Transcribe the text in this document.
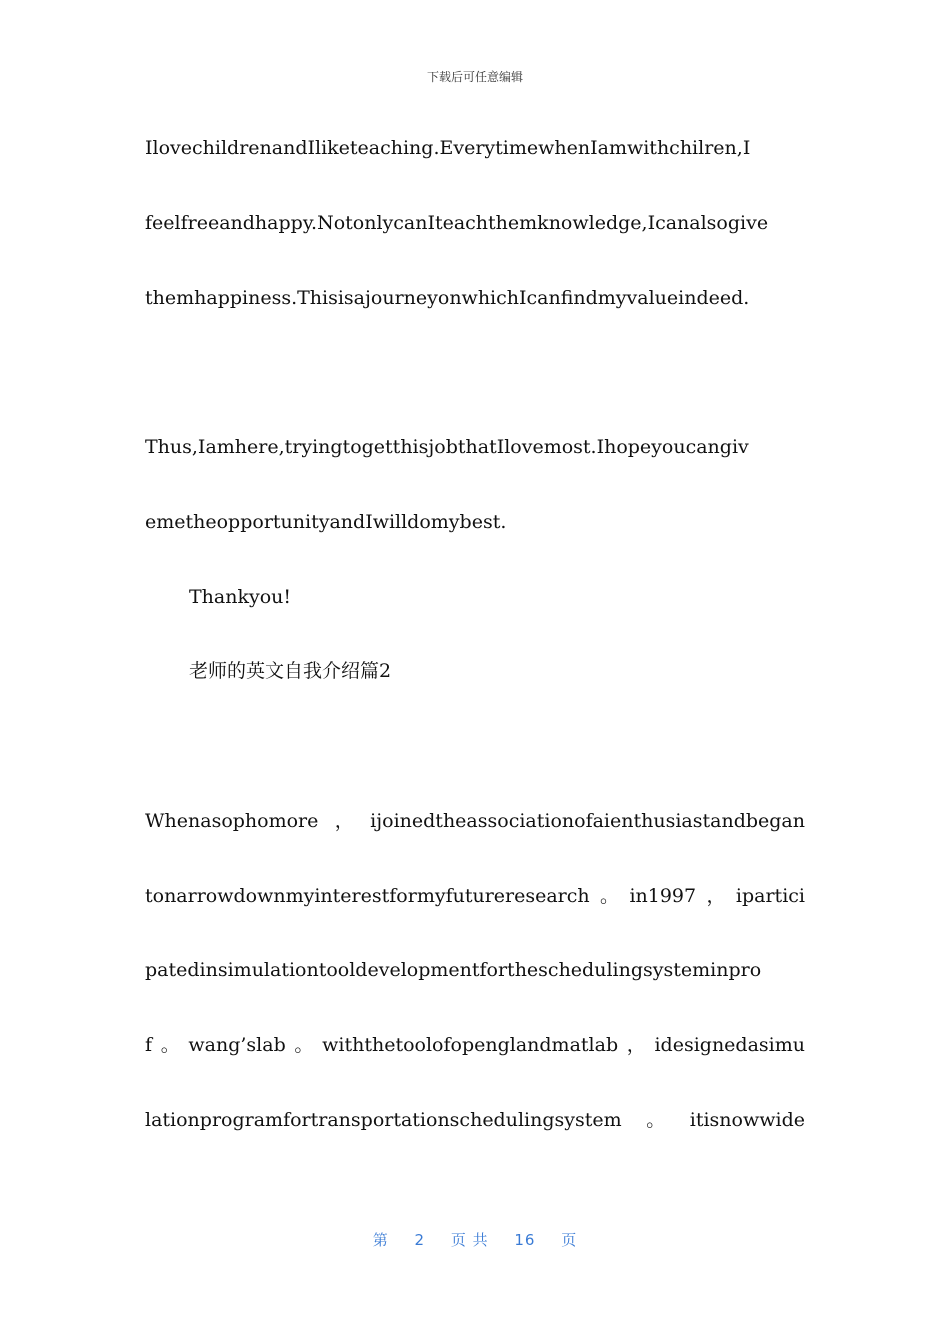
下载后可任意编辑
IlovechildrenandIliketeaching.EverytimewhenIamwithchilren,I
feelfreeandhappy.NotonlycanIteachthemknowledge,Icanalsogive
themhappiness.ThisisajourneyonwhichIcanfindmyvalueindeed.
Thus,Iamhere,tryingtogetthisjobthatIlovemost.Ihopeyoucangiv
emetheopportunityandIwilldomybest.
Thankyou!
老师的英文自我介绍篇2
Whenasophomore，ijoinedtheassociationofaienthusiastandbegan
tonarrowdownmyinterestformyfutureresearch。in1997，ipartici
patedinsimulationtooldevelopmentfortheschedulingsysteminpro
f。wang’slab。withthetoolofopenglandmatlab，idesignedasimu
lationprogramfortransportationschedulingsystem。itisnowwide
第 2 页 共 16 页
